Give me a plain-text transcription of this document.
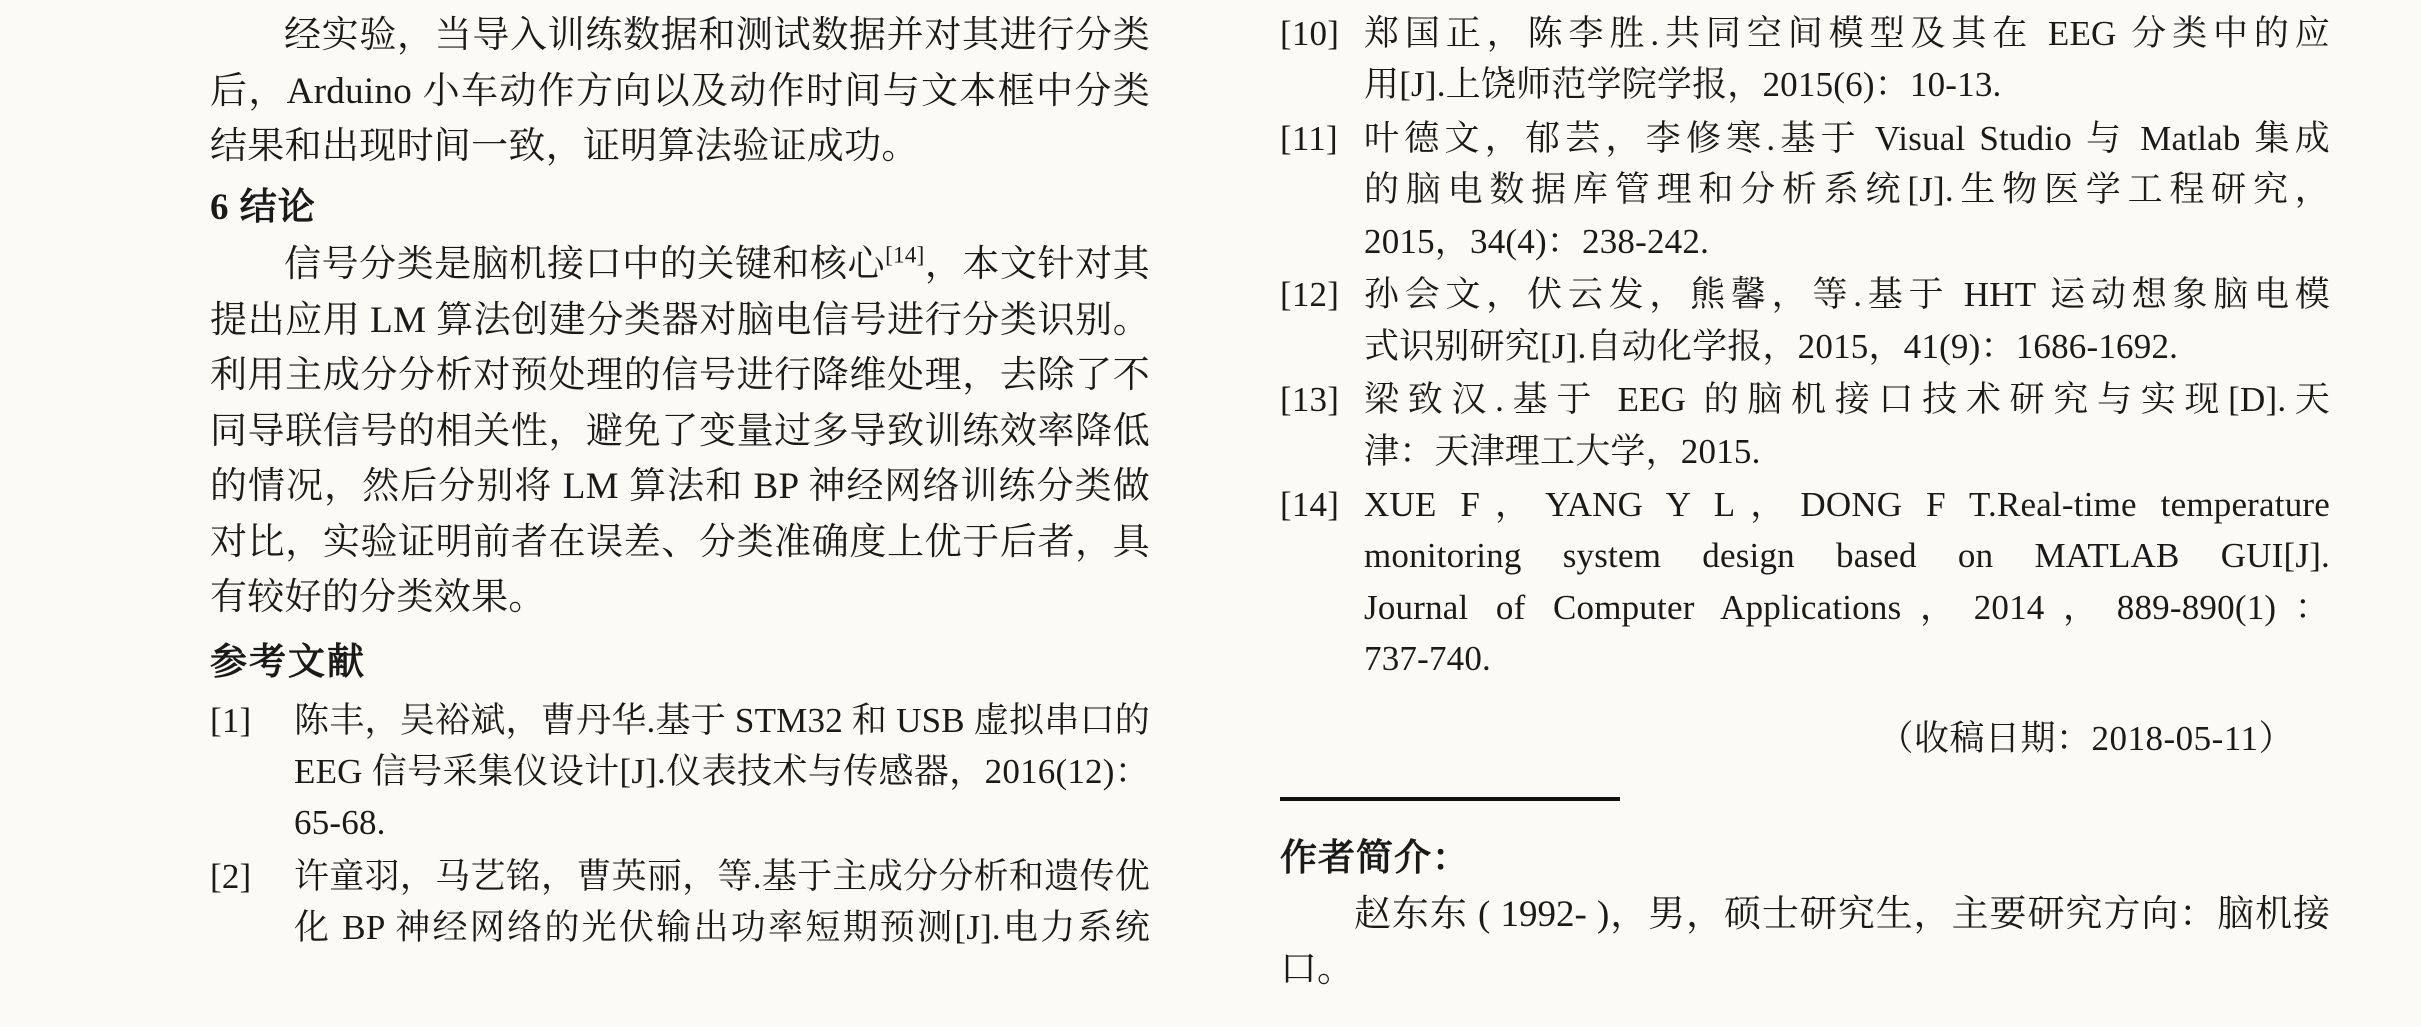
经实验，当导入训练数据和测试数据并对其进行分类后，Arduino 小车动作方向以及动作时间与文本框中分类结果和出现时间一致，证明算法验证成功。

6 结论

信号分类是脑机接口中的关键和核心[14]，本文针对其提出应用 LM 算法创建分类器对脑电信号进行分类识别。利用主成分分析对预处理的信号进行降维处理，去除了不同导联信号的相关性，避免了变量过多导致训练效率降低的情况，然后分别将 LM 算法和 BP 神经网络训练分类做对比，实验证明前者在误差、分类准确度上优于后者，具有较好的分类效果。

参考文献
[1]	陈丰，吴裕斌，曹丹华.基于 STM32 和 USB 虚拟串口的
EEG 信号采集仪设计[J].仪表技术与传感器，2016(12)：
65-68.
[2]	许童羽，马艺铭，曹英丽，等.基于主成分分析和遗传优
化 BP 神经网络的光伏输出功率短期预测[J].电力系统
[10] 郑国正，陈李胜.共同空间模型及其在 EEG 分类中的应
用[J].上饶师范学院学报，2015(6)：10-13.
[11] 叶德文，郁芸，李修寒.基于 Visual Studio 与 Matlab 集成
的脑电数据库管理和分析系统[J].生物医学工程研究，
2015，34(4)：238-242.
[12] 孙会文，伏云发，熊馨，等.基于 HHT 运动想象脑电模
式识别研究[J].自动化学报，2015，41(9)：1686-1692.
[13] 梁致汉.基于 EEG 的脑机接口技术研究与实现[D].天
津：天津理工大学，2015.
[14] XUE F，YANG Y L，DONG F T.Real-time temperature
monitoring system design based on MATLAB GUI[J].
Journal of Computer Applications，2014，889-890(1)：
737-740.
（收稿日期：2018-05-11）
作者简介：

赵东东 ( 1992- )，男，硕士研究生，主要研究方向：脑机接口。
